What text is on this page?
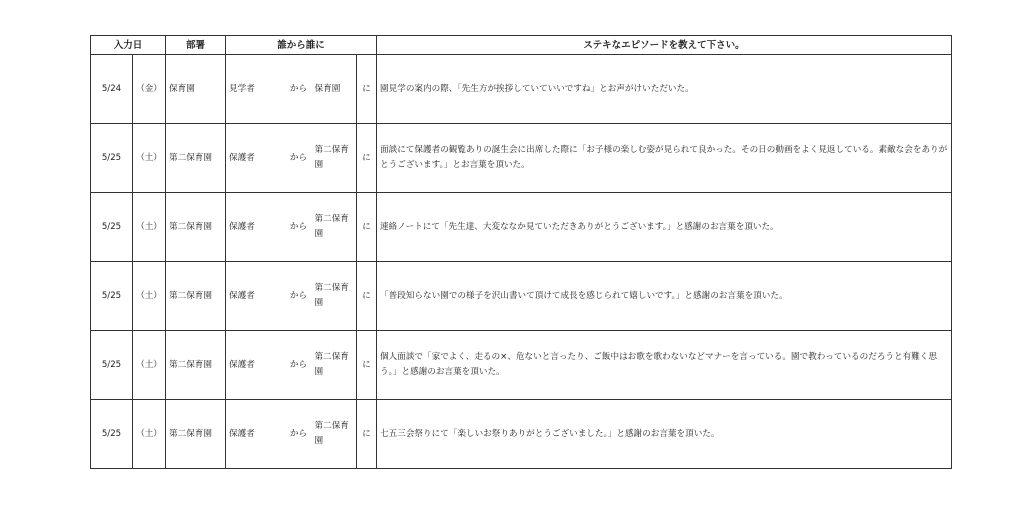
入力日		部署	誰から誰に				ステキなエピソードを教えて下さい。
5/24	（金）	保育園	見学者	から	保育園	に	園見学の案内の際、「先生方が挨拶していていいですね」とお声がけいただいた。
5/25	（土）	第二保育園	保護者	から	第二保育園	に	面談にて保護者の観覧ありの誕生会に出席した際に「お子様の楽しむ姿が見られて良かった。その日の動画をよく見返している。素敵な会をありがとうございます。」とお言葉を頂いた。
5/25	（土）	第二保育園	保護者	から	第二保育園	に	連絡ノートにて「先生達、大変ななか見ていただきありがとうございます。」と感謝のお言葉を頂いた。
5/25	（土）	第二保育園	保護者	から	第二保育園	に	「普段知らない園での様子を沢山書いて頂けて成長を感じられて嬉しいです。」と感謝のお言葉を頂いた。
5/25	（土）	第二保育園	保護者	から	第二保育園	に	個人面談で「家でよく、走るの×、危ないと言ったり、ご飯中はお歌を歌わないなどマナーを言っている。園で教わっているのだろうと有難く思う。」と感謝のお言葉を頂いた。
5/25	（土）	第二保育園	保護者	から	第二保育園	に	七五三会祭りにて「楽しいお祭りありがとうございました。」と感謝のお言葉を頂いた。
